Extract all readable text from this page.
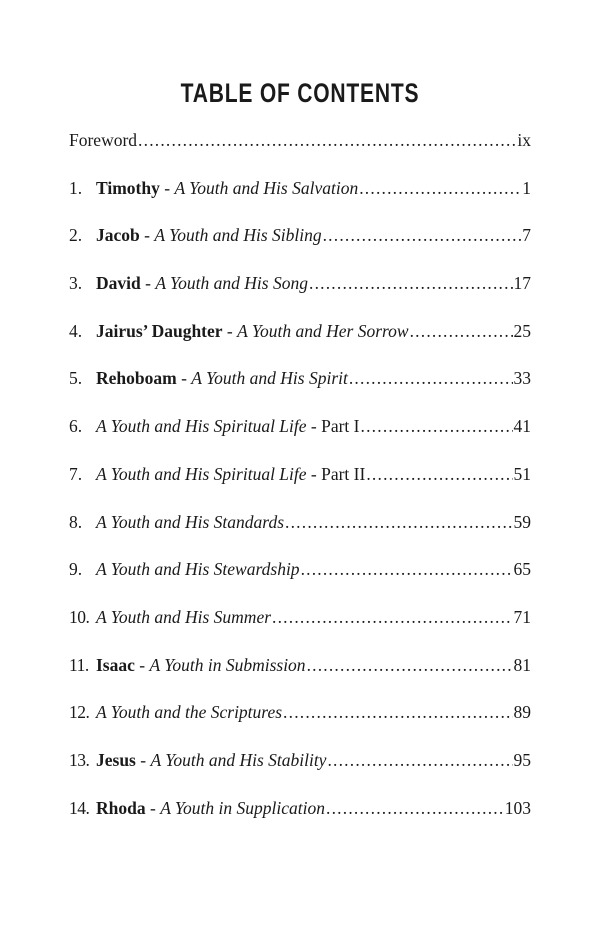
TABLE OF CONTENTS
Foreword .....	ix
1. Timothy - A Youth and His Salvation .....	1
2. Jacob - A Youth and His Sibling .....	7
3. David - A Youth and His Song .....	17
4. Jairus’ Daughter - A Youth and Her Sorrow .....	25
5. Rehoboam - A Youth and His Spirit .....	33
6. A Youth and His Spiritual Life - Part I .....	41
7. A Youth and His Spiritual Life - Part II .....	51
8. A Youth and His Standards .....	59
9. A Youth and His Stewardship .....	65
10. A Youth and His Summer .....	71
11. Isaac - A Youth in Submission .....	81
12. A Youth and the Scriptures .....	89
13. Jesus - A Youth and His Stability .....	95
14. Rhoda - A Youth in Supplication .....	103
